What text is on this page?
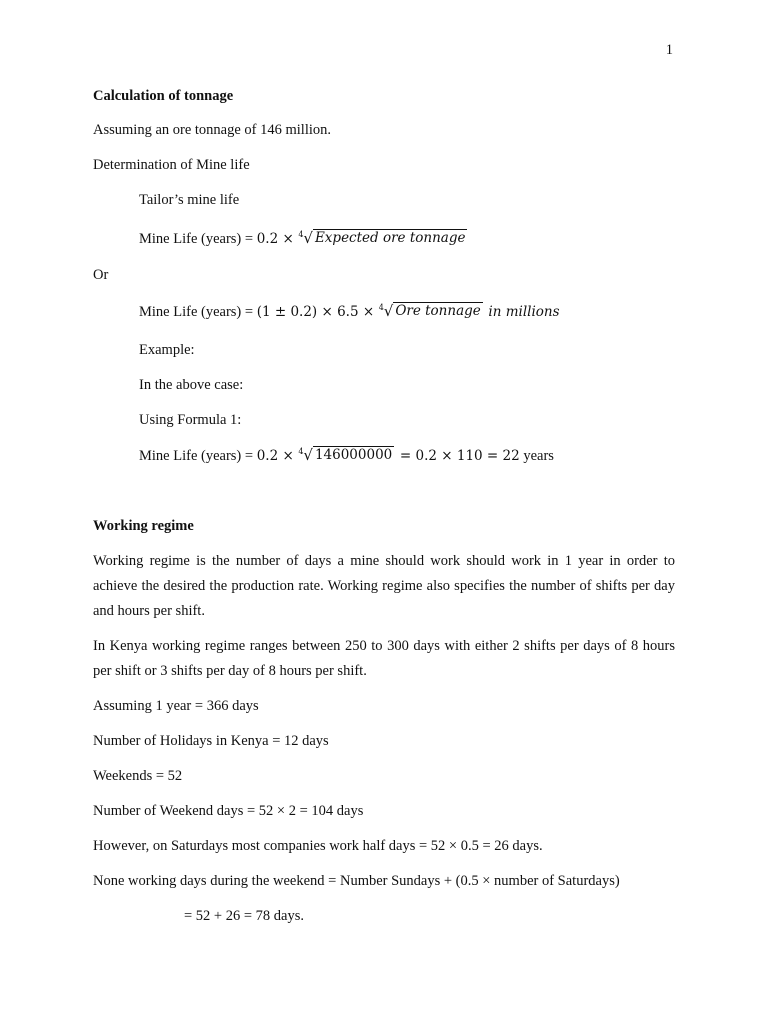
1
Calculation of tonnage
Assuming an ore tonnage of 146 million.
Determination of Mine life
Tailor’s mine life
Mine Life (years) = 0.2 × 4 √ Expected ore tonnage
Or
Mine Life (years) = (1 ± 0.2) × 6.5 × 4 √ Ore tonnage in millions
Example:
In the above case:
Using Formula 1:
Mine Life (years) = 0.2 × 4 √ 146000000 = 0.2 × 110 = 22 years
Working regime
Working regime is the number of days a mine should work should work in 1 year in order to achieve the desired the production rate. Working regime also specifies the number of shifts per day and hours per shift.
In Kenya working regime ranges between 250 to 300 days with either 2 shifts per days of 8 hours per shift or 3 shifts per day of 8 hours per shift.
Assuming 1 year = 366 days
Number of Holidays in Kenya = 12 days
Weekends = 52
Number of Weekend days = 52 × 2 = 104 days
However, on Saturdays most companies work half days = 52 × 0.5 = 26 days.
None working days during the weekend = Number Sundays + (0.5 × number of Saturdays)
= 52 + 26 = 78 days.
